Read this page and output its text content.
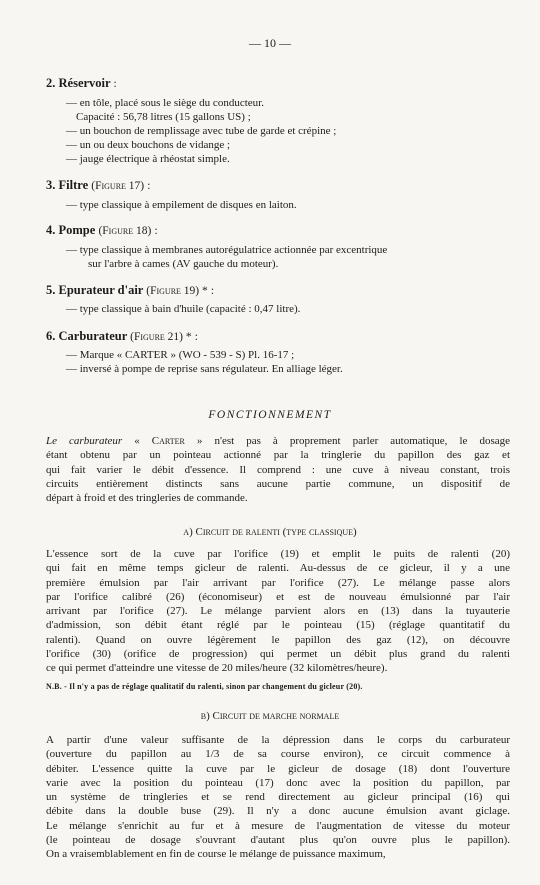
— 10 —
2. Réservoir :
— en tôle, placé sous le siège du conducteur.
Capacité : 56,78 litres (15 gallons US) ;
— un bouchon de remplissage avec tube de garde et crépine ;
— un ou deux bouchons de vidange ;
— jauge électrique à rhéostat simple.
3. Filtre (Figure 17) :
— type classique à empilement de disques en laiton.
4. Pompe (Figure 18) :
— type classique à membranes autorégulatrice actionnée par excentrique
sur l'arbre à cames (AV gauche du moteur).
5. Epurateur d'air (Figure 19) * :
— type classique à bain d'huile (capacité : 0,47 litre).
6. Carburateur (Figure 21) * :
— Marque « CARTER » (WO - 539 - S) Pl. 16-17 ;
— inversé à pompe de reprise sans régulateur. En alliage léger.
FONCTIONNEMENT
Le carburateur « Carter » n'est pas à proprement parler automatique, le dosage
étant obtenu par un pointeau actionné par la tringlerie du papillon des gaz et
qui fait varier le débit d'essence. Il comprend : une cuve à niveau constant, trois
circuits entièrement distincts sans aucune partie commune, un dispositif de
départ à froid et des tringleries de commande.
a) Circuit de ralenti (type classique)
L'essence sort de la cuve par l'orifice (19) et emplit le puits de ralenti (20)
qui fait en même temps gicleur de ralenti. Au-dessus de ce gicleur, il y a une
première émulsion par l'air arrivant par l'orifice (27). Le mélange passe alors
par l'orifice calibré (26) (économiseur) et est de nouveau émulsionné par l'air
arrivant par l'orifice (27). Le mélange parvient alors en (13) dans la tuyauterie
d'admission, son débit étant réglé par le pointeau (15) (réglage quantitatif du
ralenti). Quand on ouvre légèrement le papillon des gaz (12), on découvre
l'orifice (30) (orifice de progression) qui permet un débit plus grand du ralenti
ce qui permet d'atteindre une vitesse de 20 miles/heure (32 kilomètres/heure).
N.B. - Il n'y a pas de réglage qualitatif du ralenti, sinon par changement du gicleur (20).
b) Circuit de marche normale
A partir d'une valeur suffisante de la dépression dans le corps du carburateur
(ouverture du papillon au 1/3 de sa course environ), ce circuit commence à
débiter. L'essence quitte la cuve par le gicleur de dosage (18) dont l'ouverture
varie avec la position du pointeau (17) donc avec la position du papillon, par
un système de tringleries et se rend directement au gicleur principal (16) qui
débite dans la double buse (29). Il n'y a donc aucune émulsion avant giclage.
Le mélange s'enrichit au fur et à mesure de l'augmentation de vitesse du moteur
(le pointeau de dosage s'ouvrant d'autant plus qu'on ouvre plus le papillon).
On a vraisemblablement en fin de course le mélange de puissance maximum,
